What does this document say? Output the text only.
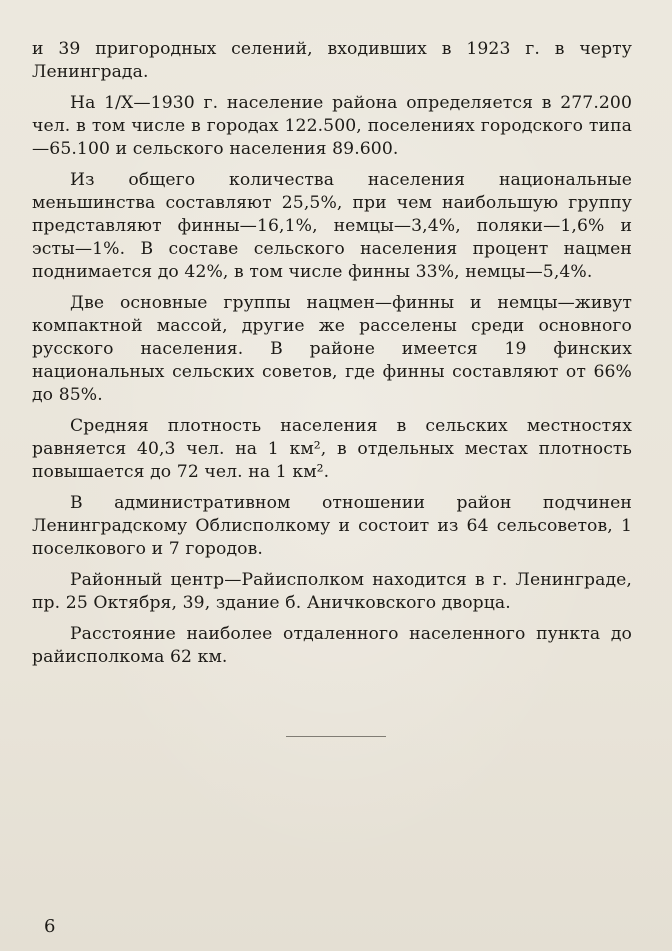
и 39 пригородных селений, входивших в 1923 г. в черту Ленинграда.

На 1/X—1930 г. население района определяется в 277.200 чел. в том числе в городах 122.500, поселениях городского типа—65.100 и сельского населения 89.600.

Из общего количества населения национальные меньшинства составляют 25,5%, при чем наибольшую группу представляют финны—16,1%, немцы—3,4%, поляки—1,6% и эсты—1%. В составе сельского населения процент нацмен поднимается до 42%, в том числе финны 33%, немцы—5,4%.

Две основные группы нацмен—финны и немцы—живут компактной массой, другие же расселены среди основного русского населения. В районе имеется 19 финских национальных сельских советов, где финны составляют от 66% до 85%.

Средняя плотность населения в сельских местностях равняется 40,3 чел. на 1 км², в отдельных местах плотность повышается до 72 чел. на 1 км².

В административном отношении район подчинен Ленинградскому Облисполкому и состоит из 64 сельсоветов, 1 поселкового и 7 городов.

Районный центр—Райисполком находится в г. Ленинграде, пр. 25 Октября, 39, здание б. Аничковского дворца.

Расстояние наиболее отдаленного населенного пункта до райисполкома 62 км.

6
